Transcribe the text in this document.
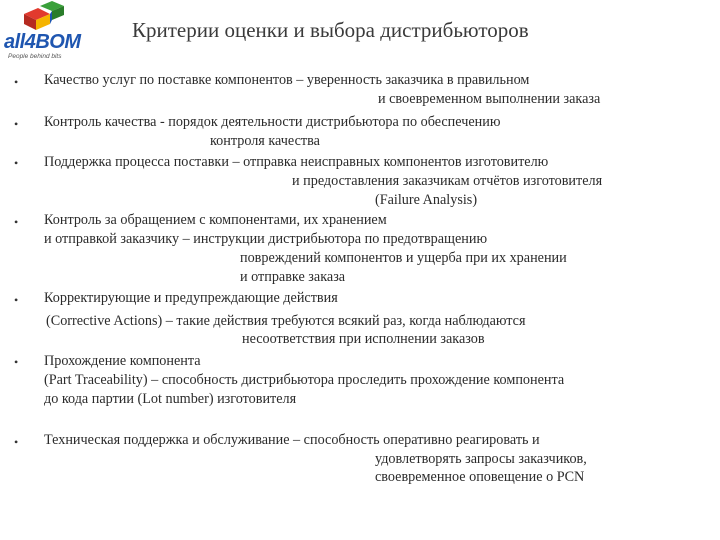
all4BOM
People behind bits
Критерии оценки и выбора дистрибьюторов
• Качество услуг по поставке компонентов – уверенность заказчика в правильном
и своевременном выполнении заказа
• Контроль качества - порядок деятельности дистрибьютора по обеспечению
контроля качества
• Поддержка процесса поставки – отправка неисправных компонентов изготовителю
и предоставления заказчикам отчётов изготовителя
(Failure Analysis)
• Контроль за обращением с компонентами, их хранением
и отправкой заказчику – инструкции дистрибьютора по предотвращению
повреждений компонентов и ущерба при их хранении
и отправке заказа
• Корректирующие и предупреждающие действия
(Corrective Actions) – такие действия требуются всякий раз, когда наблюдаются
несоответствия при исполнении заказов
• Прохождение компонента
(Part Traceability) – способность дистрибьютора проследить прохождение компонента
до кода партии (Lot number) изготовителя
• Техническая поддержка и обслуживание – способность оперативно реагировать и
удовлетворять запросы заказчиков,
своевременное оповещение о PCN
